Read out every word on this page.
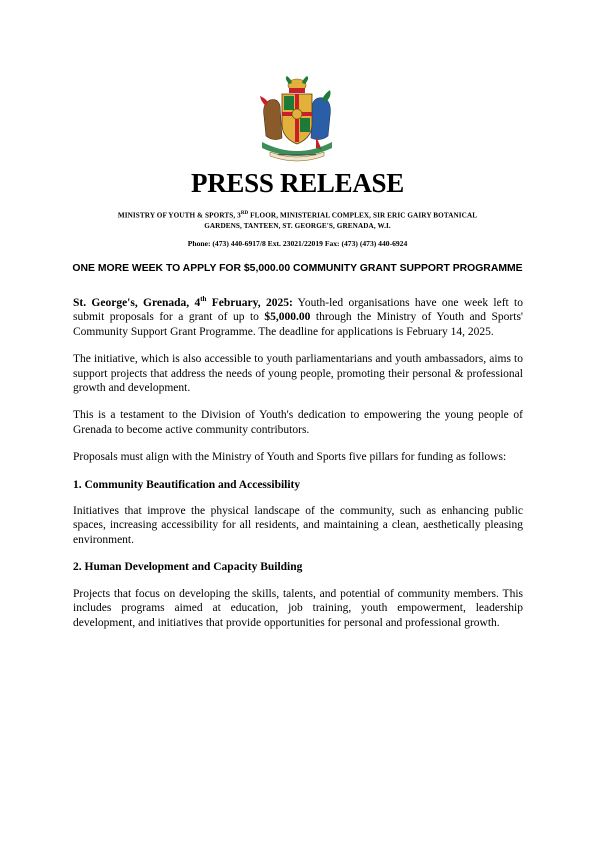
PRESS RELEASE
MINISTRY OF YOUTH & SPORTS, 3RD FLOOR, MINISTERIAL COMPLEX, SIR ERIC GAIRY BOTANICAL
GARDENS, TANTEEN, ST. GEORGE'S, GRENADA, W.I.
Phone: (473) 440-6917/8 Ext. 23021/22019 Fax: (473) (473) 440-6924
ONE MORE WEEK TO APPLY FOR $5,000.00 COMMUNITY GRANT SUPPORT PROGRAMME

St. George's, Grenada, 4th February, 2025: Youth-led organisations have one week left to submit proposals for a grant of up to $5,000.00 through the Ministry of Youth and Sports' Community Support Grant Programme. The deadline for applications is February 14, 2025.

The initiative, which is also accessible to youth parliamentarians and youth ambassadors, aims to support projects that address the needs of young people, promoting their personal & professional growth and development.

This is a testament to the Division of Youth's dedication to empowering the young people of Grenada to become active community contributors.

Proposals must align with the Ministry of Youth and Sports five pillars for funding as follows:

1. Community Beautification and Accessibility

Initiatives that improve the physical landscape of the community, such as enhancing public spaces, increasing accessibility for all residents, and maintaining a clean, aesthetically pleasing environment.

2. Human Development and Capacity Building

Projects that focus on developing the skills, talents, and potential of community members. This includes programs aimed at education, job training, youth empowerment, leadership development, and initiatives that provide opportunities for personal and professional growth.
